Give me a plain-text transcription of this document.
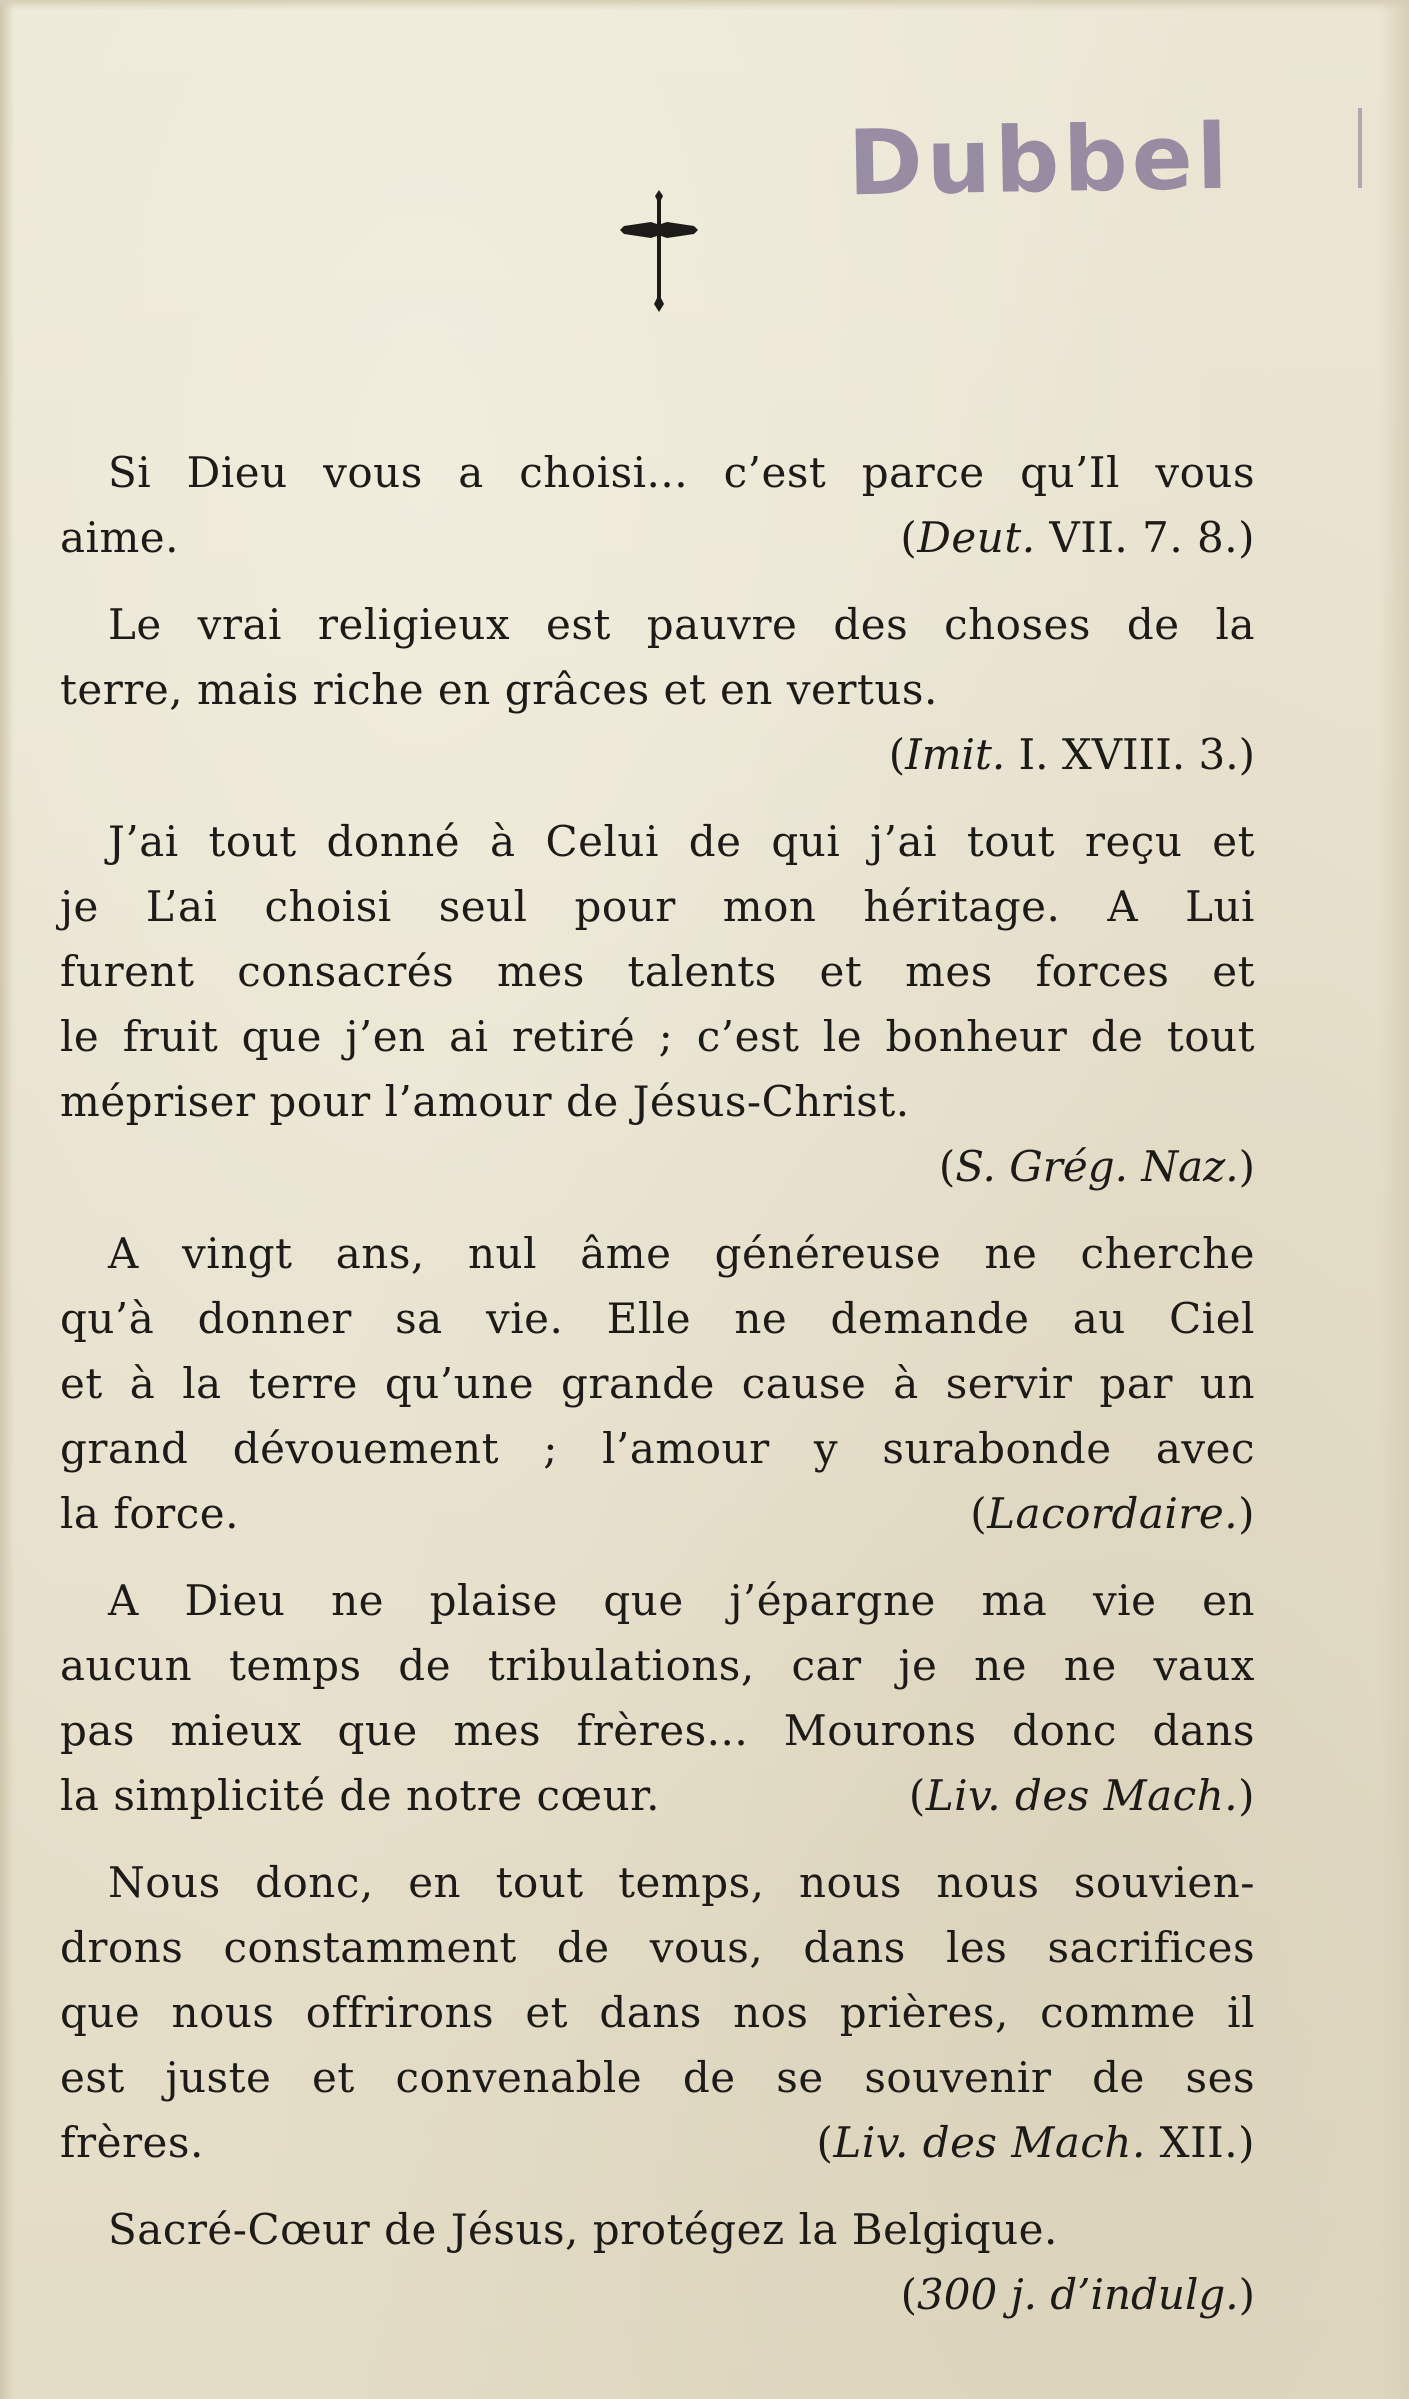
Dubbel
Si Dieu vous a choisi... c’est parce qu’Il vous
aime.	(Deut. VII. 7. 8.)
Le vrai religieux est pauvre des choses de la
terre, mais riche en grâces et en vertus.
(Imit. I. XVIII. 3.)
J’ai tout donné à Celui de qui j’ai tout reçu et
je L’ai choisi seul pour mon héritage. A Lui
furent consacrés mes talents et mes forces et
le fruit que j’en ai retiré ; c’est le bonheur de tout
mépriser pour l’amour de Jésus-Christ.
(S. Grég. Naz.)
A vingt ans, nul âme généreuse ne cherche
qu’à donner sa vie. Elle ne demande au Ciel
et à la terre qu’une grande cause à servir par un
grand dévouement ; l’amour y surabonde avec
la force.	(Lacordaire.)
A Dieu ne plaise que j’épargne ma vie en
aucun temps de tribulations, car je ne ne vaux
pas mieux que mes frères... Mourons donc dans
la simplicité de notre cœur.	(Liv. des Mach.)
Nous donc, en tout temps, nous nous souvien-
drons constamment de vous, dans les sacrifices
que nous offrirons et dans nos prières, comme il
est juste et convenable de se souvenir de ses
frères.	(Liv. des Mach. XII.)
Sacré-Cœur de Jésus, protégez la Belgique.
(300 j. d’indulg.)
